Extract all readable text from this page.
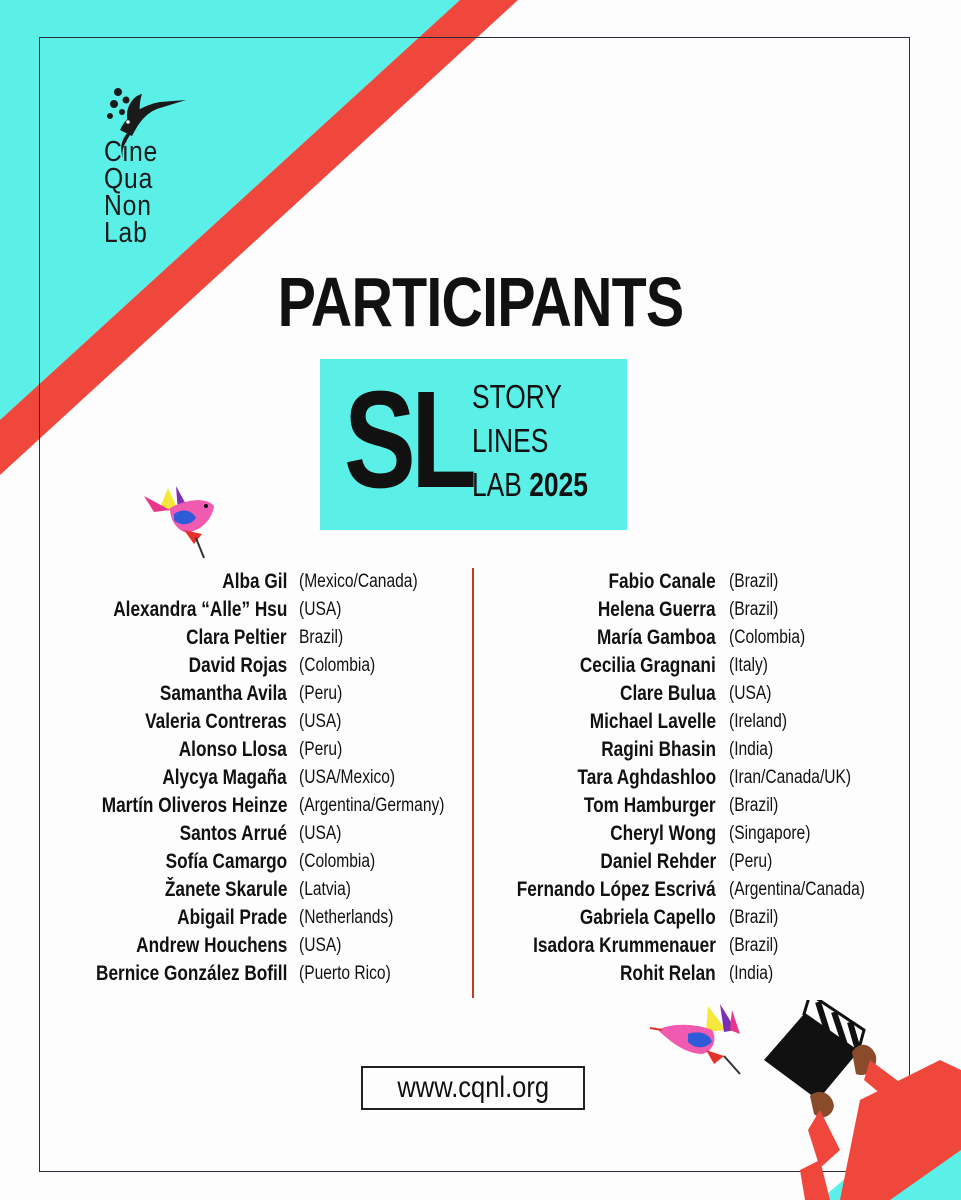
Cine
Qua
Non
Lab
PARTICIPANTS
SL STORY
LINES
LAB 2025
Alba Gil (Mexico/Canada)
Alexandra “Alle” Hsu (USA)
Clara Peltier Brazil)
David Rojas (Colombia)
Samantha Avila (Peru)
Valeria Contreras (USA)
Alonso Llosa (Peru)
Alycya Magaña (USA/Mexico)
Martín Oliveros Heinze (Argentina/Germany)
Santos Arrué (USA)
Sofía Camargo (Colombia)
Žanete Skarule (Latvia)
Abigail Prade (Netherlands)
Andrew Houchens (USA)
Bernice González Bofill (Puerto Rico)
Fabio Canale (Brazil)
Helena Guerra (Brazil)
María Gamboa (Colombia)
Cecilia Gragnani (Italy)
Clare Bulua (USA)
Michael Lavelle (Ireland)
Ragini Bhasin (India)
Tara Aghdashloo (Iran/Canada/UK)
Tom Hamburger (Brazil)
Cheryl Wong (Singapore)
Daniel Rehder (Peru)
Fernando López Escrivá (Argentina/Canada)
Gabriela Capello (Brazil)
Isadora Krummenauer (Brazil)
Rohit Relan (India)
www.cqnl.org
